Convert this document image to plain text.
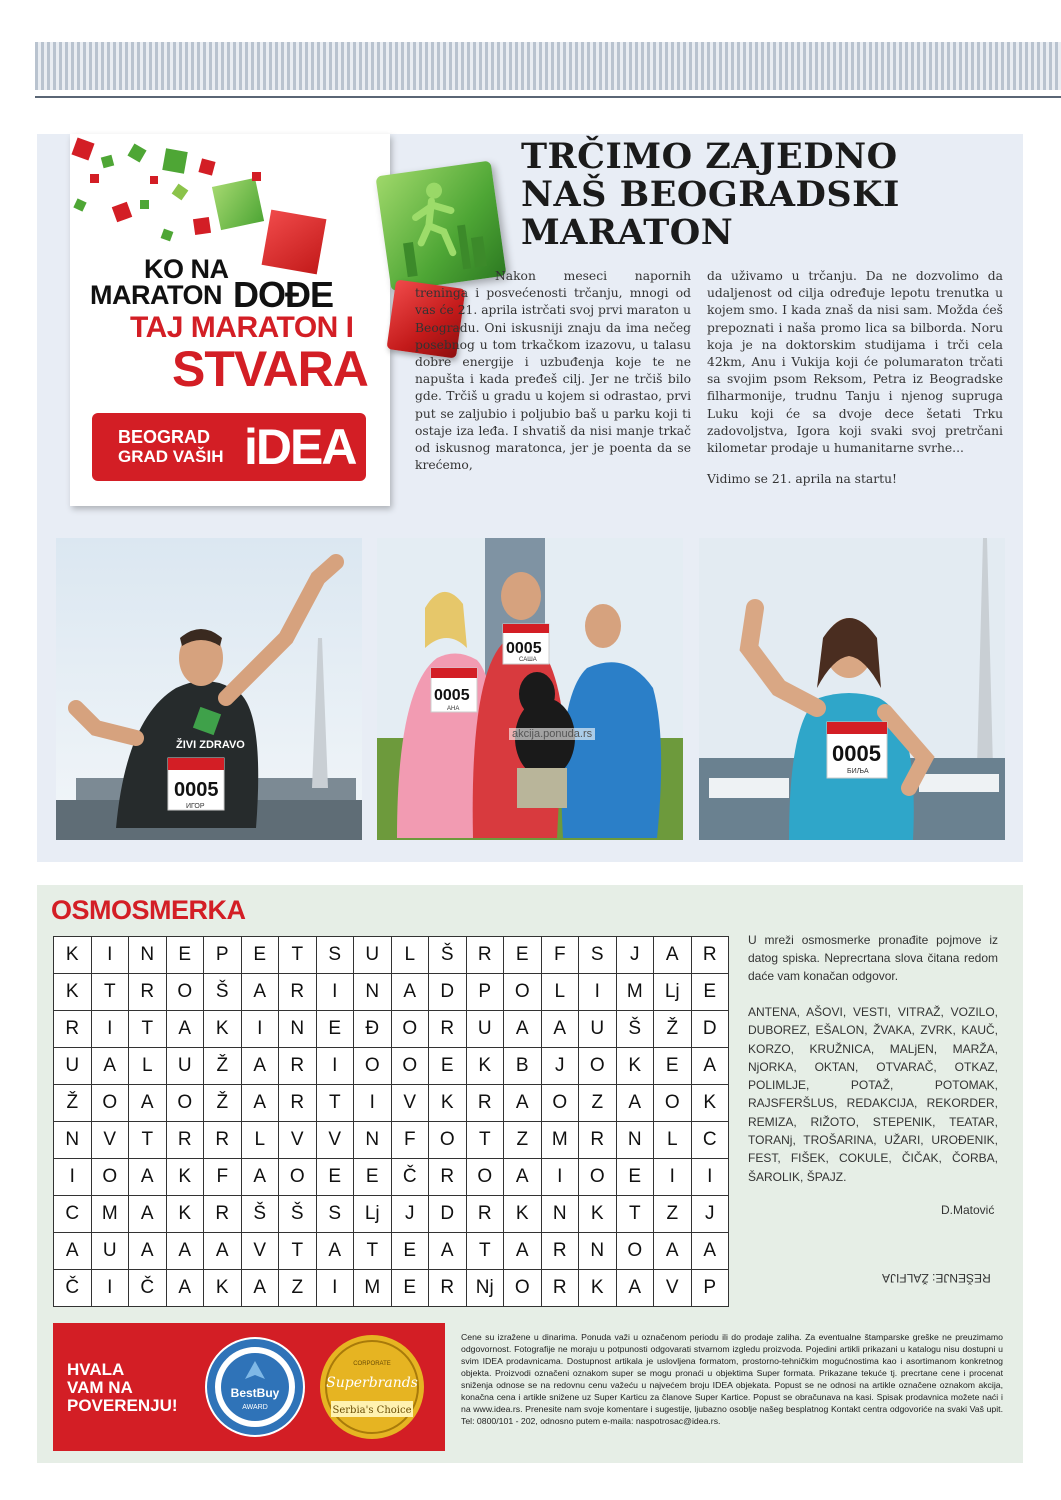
KO NA
MARATON DOĐE
TAJ MARATON I
STVARA
BEOGRAD
GRAD VAŠIH iDEA
TRČIMO ZAJEDNO
NAŠ BEOGRADSKI
MARATON

Nakon meseci napornih treninga i posvećenosti trčanju, mnogi od vas će 21. aprila istrčati svoj prvi maraton u Beogradu. Oni iskusniji znaju da ima nečeg posebnog u tom trkačkom izazovu, u talasu dobre energije i uzbuđenja koje te ne napušta i kada pređeš cilj. Jer ne trčiš bilo gde. Trčiš u gradu u kojem si odrastao, prvi put se zaljubio i poljubio baš u parku koji ti ostaje iza leđa. I shvatiš da nisi manje trkač od iskusnog maratonca, jer je poenta da se krećemo,

da uživamo u trčanju. Da ne dozvolimo da udaljenost od cilja određuje lepotu trenutka u kojem smo. I kada znaš da nisi sam. Možda ćeš prepoznati i naša promo lica sa bilborda. Noru koja je na doktorskim studijama i trči cela 42km, Anu i Vukija koji će polumaraton trčati sa svojim psom Reksom, Petra iz Beogradske filharmonije, trudnu Tanju i njenog supruga Luku koji će sa dvoje dece šetati Trku zadovoljstva, Igora koji svaki svoj pretrčani kilometar prodaje u humanitarne svrhe...

Vidimo se 21. aprila na startu!

ŽIVI ZDRAVO
0005
ИГОР
0005
АНА
0005
САША
0005
БИЉА
akcija.ponuda.rs
OSMOSMERKA
K	I	N	E	P	E	T	S	U	L	Š	R	E	F	S	J	A	R
K	T	R	O	Š	A	R	I	N	A	D	P	O	L	I	M	Lj	E
R	I	T	A	K	I	N	E	Đ	O	R	U	A	A	U	Š	Ž	D
U	A	L	U	Ž	A	R	I	O	O	E	K	B	J	O	K	E	A
Ž	O	A	O	Ž	A	R	T	I	V	K	R	A	O	Z	A	O	K
N	V	T	R	R	L	V	V	N	F	O	T	Z	M	R	N	L	C
I	O	A	K	F	A	O	E	E	Č	R	O	A	I	O	E	I	I
C	M	A	K	R	Š	Š	S	Lj	J	D	R	K	N	K	T	Z	J
A	U	A	A	A	V	T	A	T	E	A	T	A	R	N	O	A	A
Č	I	Č	A	K	A	Z	I	M	E	R	Nj	O	R	K	A	V	P
U mreži osmosmerke pronađite pojmove iz datog spiska. Neprecrtana slova čitana redom daće vam konačan odgovor.
ANTENA, AŠOVI, VESTI, VITRAŽ, VOZILO, DUBOREZ, EŠALON, ŽVAKA, ZVRK, KAUČ, KORZO, KRUŽNICA, MALjEN, MARŽA, NjORKA, OKTAN, OTVARAČ, OTKAZ, POLIMLJE, POTAŽ, POTOMAK, RAJSFERŠLUS, REDAKCIJA, REKORDER, REMIZA, RIŽOTO, STEPENIK, TEATAR, TORANj, TROŠARINA, UŽARI, UROĐENIK, FEST, FIŠEK, COKULE, ČIČAK, ČORBA, ŠAROLIK, ŠPAJZ.
D.Matović
REŠENJE: ŽALFIJA
HVALA
VAM NA
POVERENJU!
BestBuy
AWARD
CORPORATE
Superbrands
Serbia's Choice
Cene su izražene u dinarima. Ponuda važi u označenom periodu ili do prodaje zaliha. Za eventualne štamparske greške ne preuzimamo odgovornost. Fotografije ne moraju u potpunosti odgovarati stvarnom izgledu proizvoda. Pojedini artikli prikazani u katalogu nisu dostupni u svim IDEA prodavnicama. Dostupnost artikala je uslovljena formatom, prostorno-tehničkim mogućnostima kao i asortimanom konkretnog objekta. Proizvodi označeni oznakom super se mogu pronaći u objektima Super formata. Prikazane tekuće tj. precrtane cene i procenat sniženja odnose se na redovnu cenu važeću u najvećem broju IDEA objekata. Popust se ne odnosi na artikle označene oznakom akcija, konačna cena i artikle snižene uz Super Karticu za članove Super Kartice. Popust se obračunava na kasi. Spisak prodavnica možete naći i na www.idea.rs. Prenesite nam svoje komentare i sugestije, ljubazno osoblje našeg besplatnog Kontakt centra odgovoriće na svaki Vaš upit. Tel: 0800/101 - 202, odnosno putem e-maila: naspotrosac@idea.rs.
